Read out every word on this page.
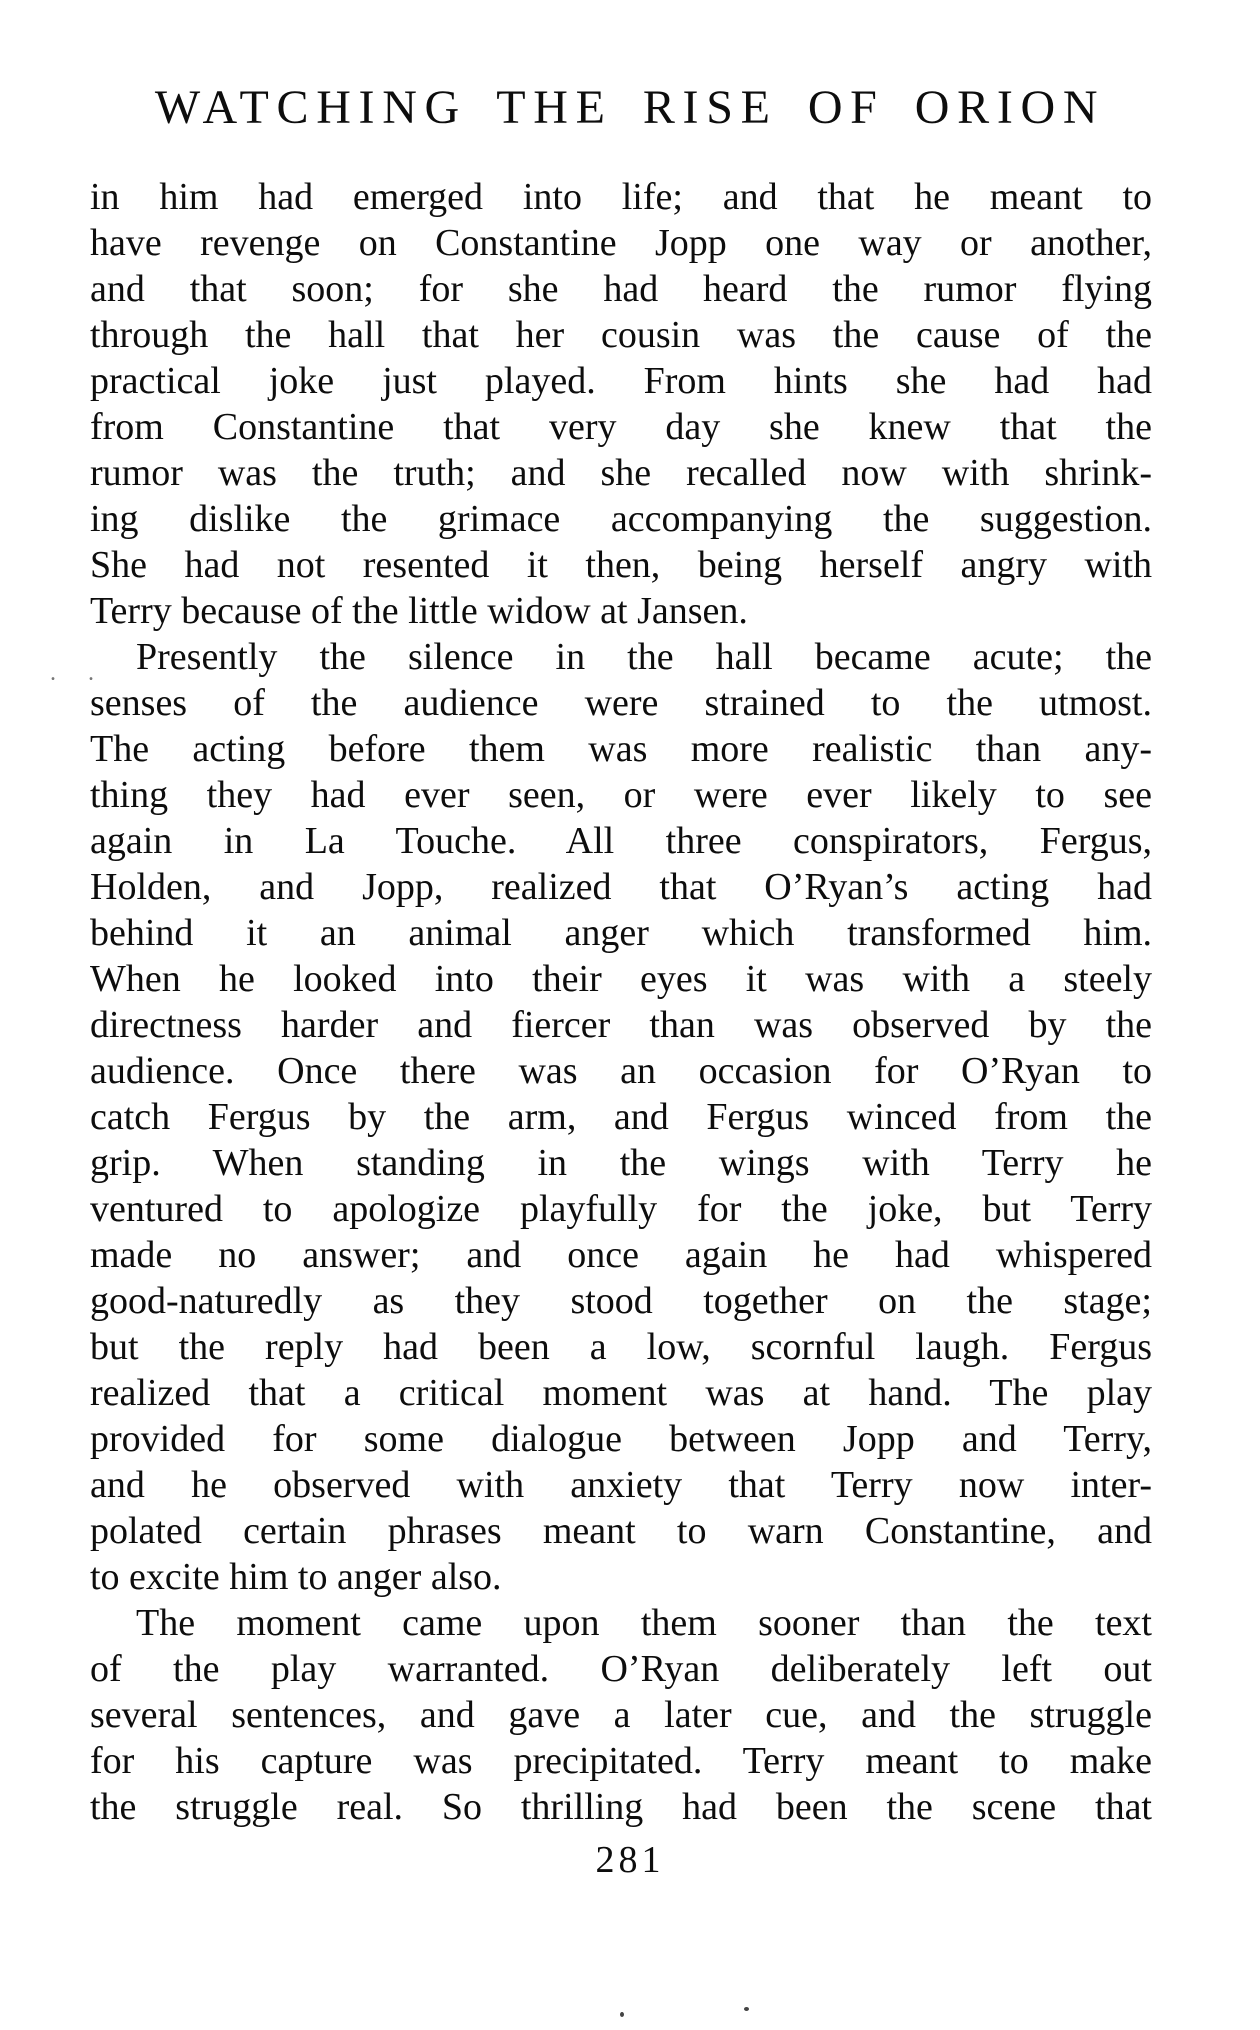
WATCHING THE RISE OF ORION
in him had emerged into life; and that he meant to
have revenge on Constantine Jopp one way or another,
and that soon; for she had heard the rumor flying
through the hall that her cousin was the cause of the
practical joke just played. From hints she had had
from Constantine that very day she knew that the
rumor was the truth; and she recalled now with shrink-
ing dislike the grimace accompanying the suggestion.
She had not resented it then, being herself angry with
Terry because of the little widow at Jansen.
Presently the silence in the hall became acute; the
senses of the audience were strained to the utmost.
The acting before them was more realistic than any-
thing they had ever seen, or were ever likely to see
again in La Touche. All three conspirators, Fergus,
Holden, and Jopp, realized that O’Ryan’s acting had
behind it an animal anger which transformed him.
When he looked into their eyes it was with a steely
directness harder and fiercer than was observed by the
audience. Once there was an occasion for O’Ryan to
catch Fergus by the arm, and Fergus winced from the
grip. When standing in the wings with Terry he
ventured to apologize playfully for the joke, but Terry
made no answer; and once again he had whispered
good-naturedly as they stood together on the stage;
but the reply had been a low, scornful laugh. Fergus
realized that a critical moment was at hand. The play
provided for some dialogue between Jopp and Terry,
and he observed with anxiety that Terry now inter-
polated certain phrases meant to warn Constantine, and
to excite him to anger also.
The moment came upon them sooner than the text
of the play warranted. O’Ryan deliberately left out
several sentences, and gave a later cue, and the struggle
for his capture was precipitated. Terry meant to make
the struggle real. So thrilling had been the scene that
281
. .
